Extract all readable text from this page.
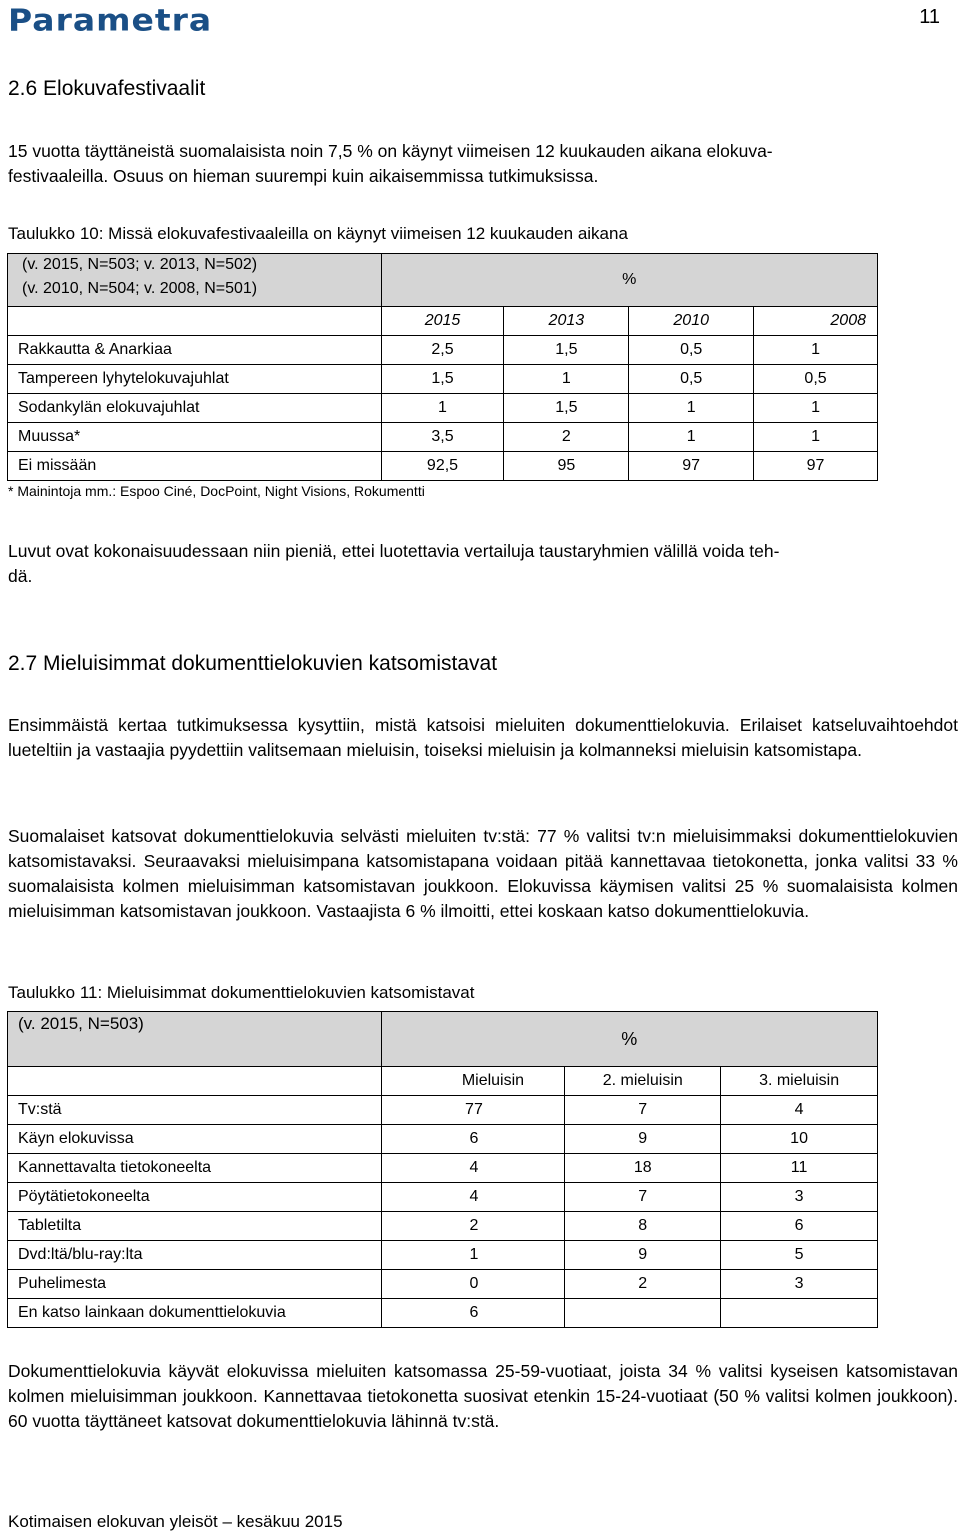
Parametra	11
2.6 Elokuvafestivaalit
15 vuotta täyttäneistä suomalaisista noin 7,5 % on käynyt viimeisen 12 kuukauden aikana elokuva-
festivaaleilla. Osuus on hieman suurempi kuin aikaisemmissa tutkimuksissa.
Taulukko 10: Missä elokuvafestivaaleilla on käynyt viimeisen 12 kuukauden aikana
(v. 2015, N=503; v. 2013, N=502)
(v. 2010, N=504; v. 2008, N=501)	%			
	2015	2013	2010	2008
Rakkautta & Anarkiaa	2,5	1,5	0,5	1
Tampereen lyhytelokuvajuhlat	1,5	1	0,5	0,5
Sodankylän elokuvajuhlat	1	1,5	1	1
Muussa*	3,5	2	1	1
Ei missään	92,5	95	97	97
* Mainintoja mm.: Espoo Ciné, DocPoint, Night Visions, Rokumentti
Luvut ovat kokonaisuudessaan niin pieniä, ettei luotettavia vertailuja taustaryhmien välillä voida teh-
dä.
2.7 Mieluisimmat dokumenttielokuvien katsomistavat

Ensimmäistä kertaa tutkimuksessa kysyttiin, mistä katsoisi mieluiten dokumenttielokuvia. Erilaiset katseluvaihtoehdot lueteltiin ja vastaajia pyydettiin valitsemaan mieluisin, toiseksi mieluisin ja kolmanneksi mieluisin katsomistapa.

Suomalaiset katsovat dokumenttielokuvia selvästi mieluiten tv:stä: 77 % valitsi tv:n mieluisimmaksi dokumenttielokuvien katsomistavaksi. Seuraavaksi mieluisimpana katsomistapana voidaan pitää kannettavaa tietokonetta, jonka valitsi 33 % suomalaisista kolmen mieluisimman katsomistavan joukkoon. Elokuvissa käymisen valitsi 25 % suomalaisista kolmen mieluisimman katsomistavan joukkoon. Vastaajista 6 % ilmoitti, ettei koskaan katso dokumenttielokuvia.

Taulukko 11: Mieluisimmat dokumenttielokuvien katsomistavat
(v. 2015, N=503)	%		
	Mieluisin	2. mieluisin	3. mieluisin
Tv:stä	77	7	4
Käyn elokuvissa	6	9	10
Kannettavalta tietokoneelta	4	18	11
Pöytätietokoneelta	4	7	3
Tabletilta	2	8	6
Dvd:ltä/blu-ray:lta	1	9	5
Puhelimesta	0	2	3
En katso lainkaan dokumenttielokuvia	6		

Dokumenttielokuvia käyvät elokuvissa mieluiten katsomassa 25-59-vuotiaat, joista 34 % valitsi kyseisen katsomistavan kolmen mieluisimman joukkoon. Kannettavaa tietokonetta suosivat etenkin 15-24-vuotiaat (50 % valitsi kolmen joukkoon). 60 vuotta täyttäneet katsovat dokumenttielokuvia lähinnä tv:stä.

Kotimaisen elokuvan yleisöt – kesäkuu 2015
